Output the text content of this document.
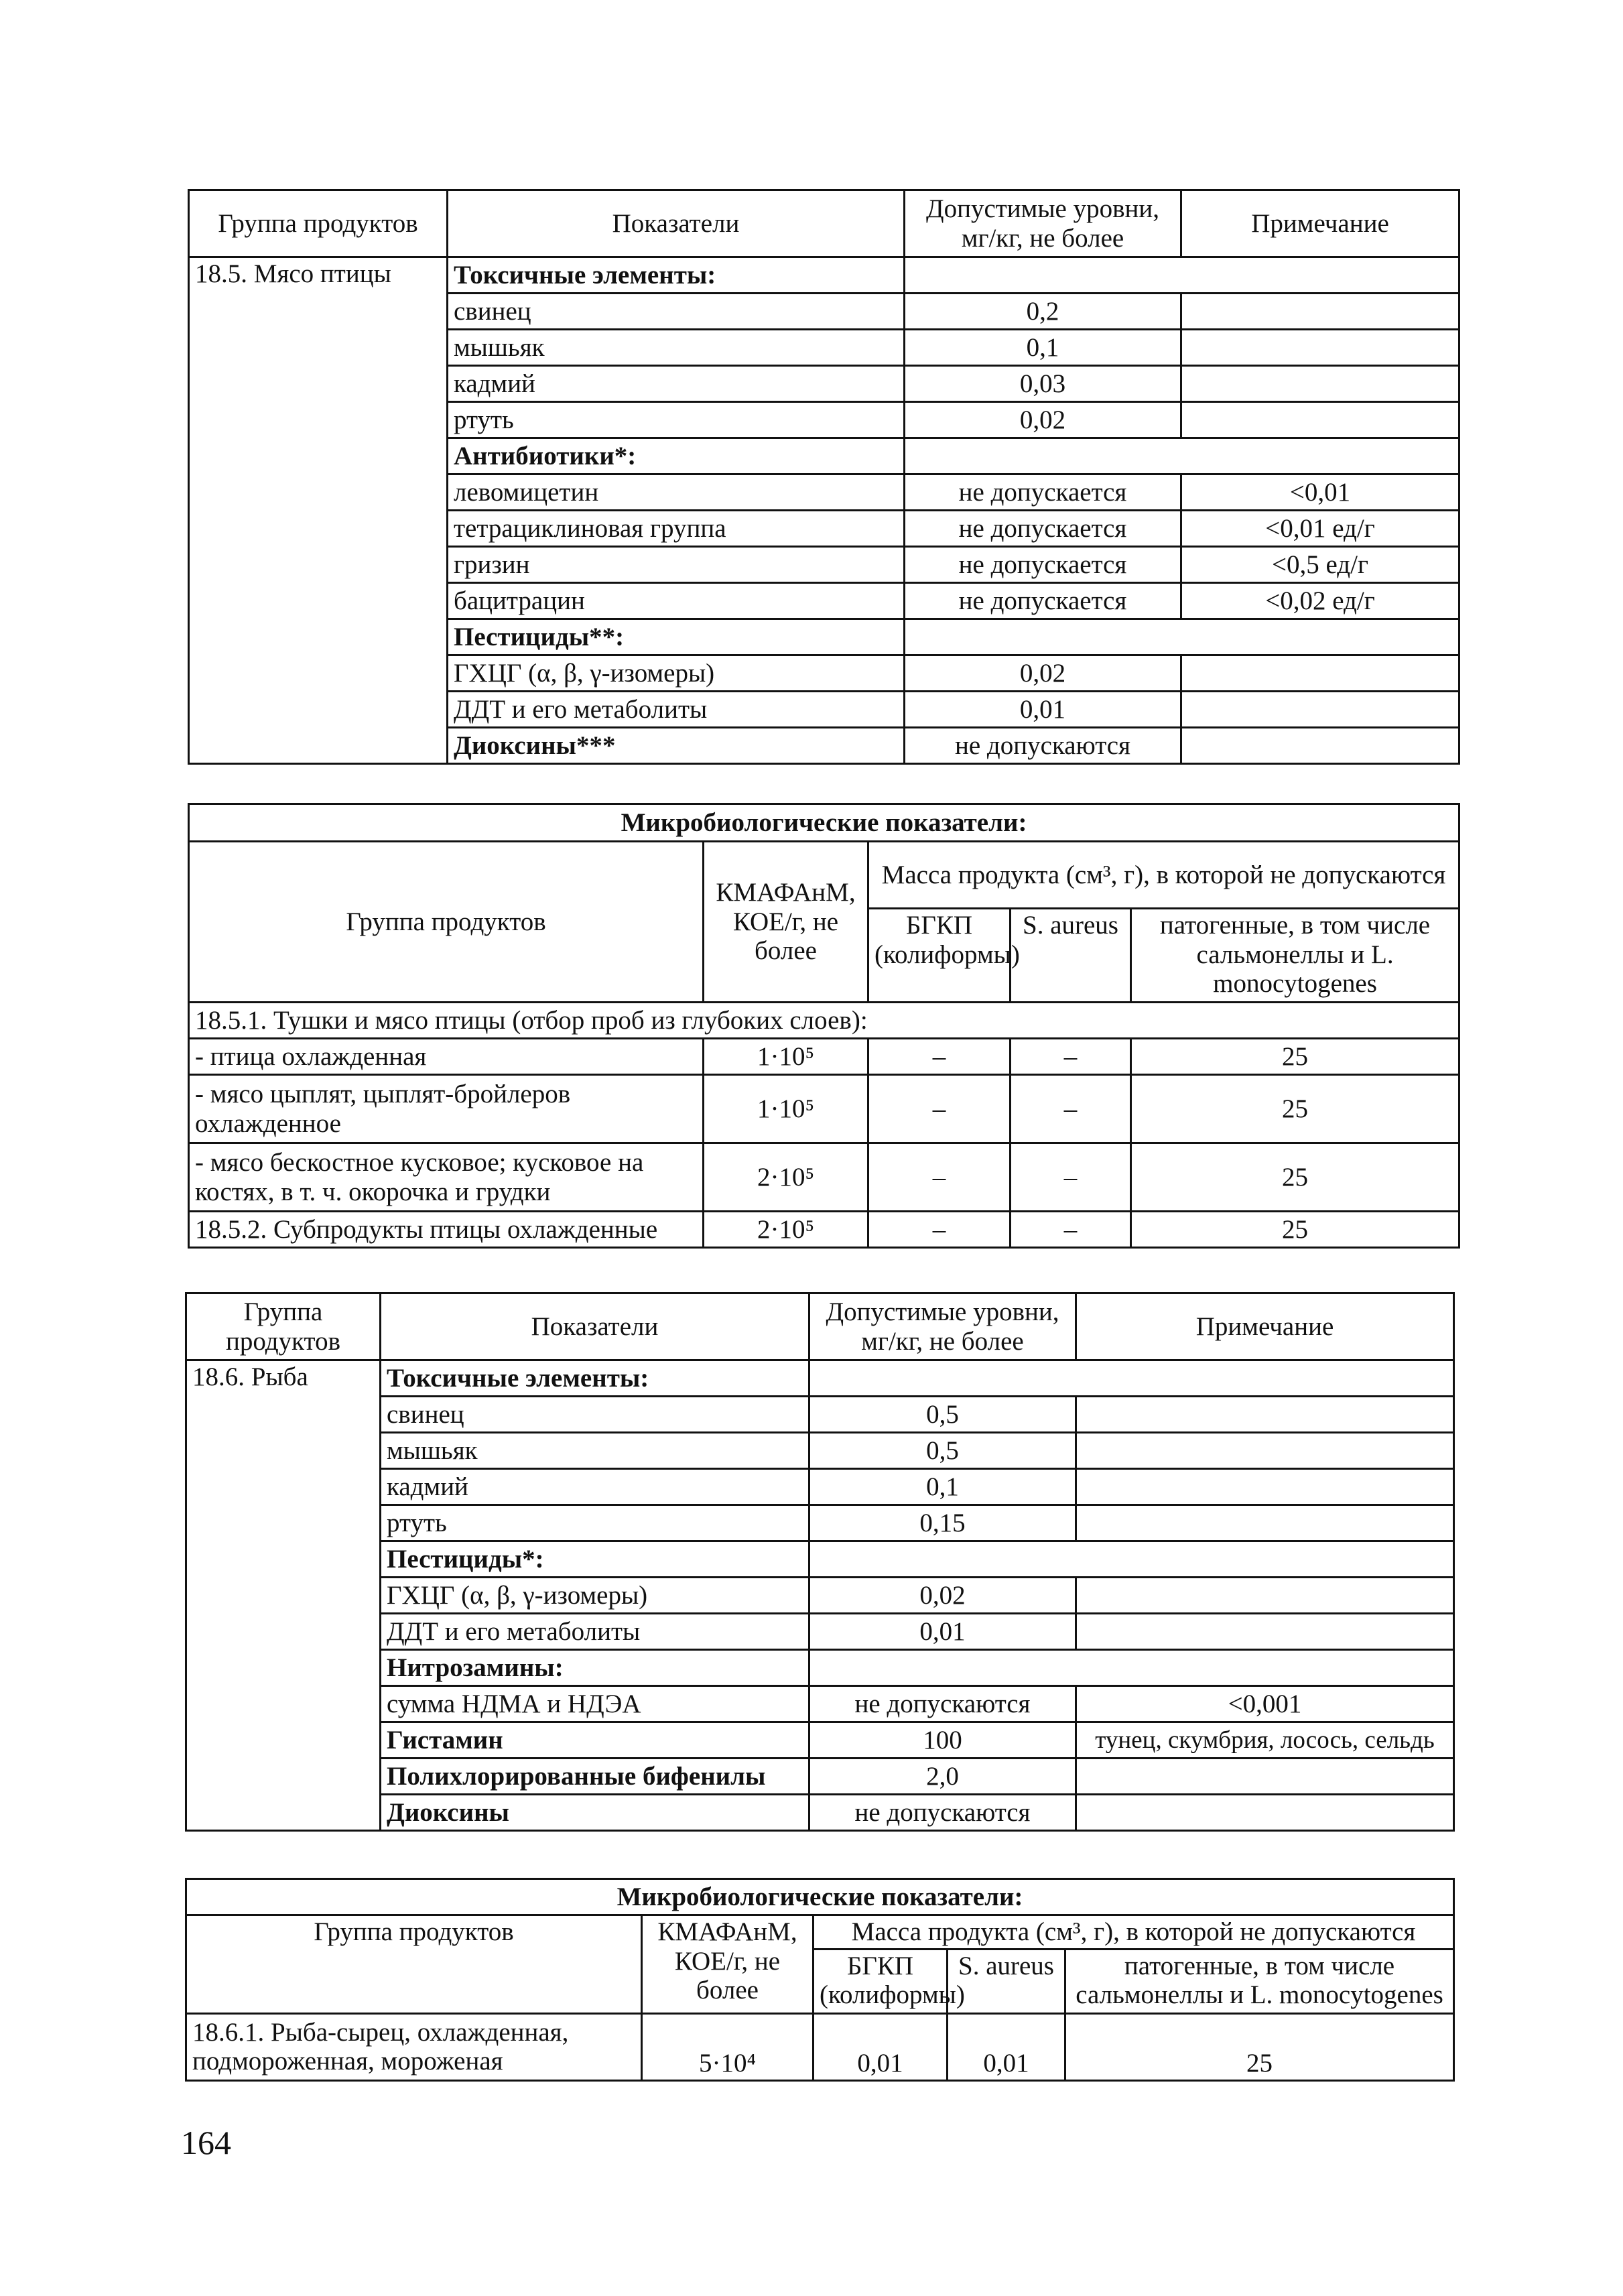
Группа продуктов	Показатели	Допустимые уровни, мг/кг, не более	Примечание
18.5. Мясо птицы	Токсичные элементы:		
	свинец	0,2	
	мышьяк	0,1	
	кадмий	0,03	
	ртуть	0,02	
	Антибиотики*:		
	левомицетин	не допускается	<0,01
	тетрациклиновая группа	не допускается	<0,01 ед/г
	гризин	не допускается	<0,5 ед/г
	бацитрацин	не допускается	<0,02 ед/г
	Пестициды**:		
	ГХЦГ (α, β, γ-изомеры)	0,02	
	ДДТ и его метаболиты	0,01	
	Диоксины***	не допускаются	
Микробиологические показатели:				
Группа продуктов	КМАФАнМ, КОЕ/г, не более	Масса продукта (см³, г), в которой не допускаются		
		БГКП (колиформы)	S. aureus	патогенные, в том числе сальмонеллы и L. monocytogenes
18.5.1. Тушки и мясо птицы (отбор проб из глубоких слоев):				
- птица охлажденная	1·10⁵	–	–	25
- мясо цыплят, цыплят-бройлеров охлажденное	1·10⁵	–	–	25
- мясо бескостное кусковое; кусковое на костях, в т. ч. окорочка и грудки	2·10⁵	–	–	25
18.5.2. Субпродукты птицы охлажденные	2·10⁵	–	–	25
Группа продуктов	Показатели	Допустимые уровни, мг/кг, не более	Примечание
18.6. Рыба	Токсичные элементы:		
	свинец	0,5	
	мышьяк	0,5	
	кадмий	0,1	
	ртуть	0,15	
	Пестициды*:		
	ГХЦГ (α, β, γ-изомеры)	0,02	
	ДДТ и его метаболиты	0,01	
	Нитрозамины:		
	сумма НДМА и НДЭА	не допускаются	<0,001
	Гистамин	100	тунец, скумбрия, лосось, сельдь
	Полихлорированные бифенилы	2,0	
	Диоксины	не допускаются	
Микробиологические показатели:				
Группа продуктов	КМАФАнМ, КОЕ/г, не более	Масса продукта (см³, г), в которой не допускаются		
		БГКП (колиформы)	S. aureus	патогенные, в том числе сальмонеллы и L. monocytogenes
18.6.1. Рыба-сырец, охлажденная, подмороженная, мороженая	5·10⁴	0,01	0,01	25
164
